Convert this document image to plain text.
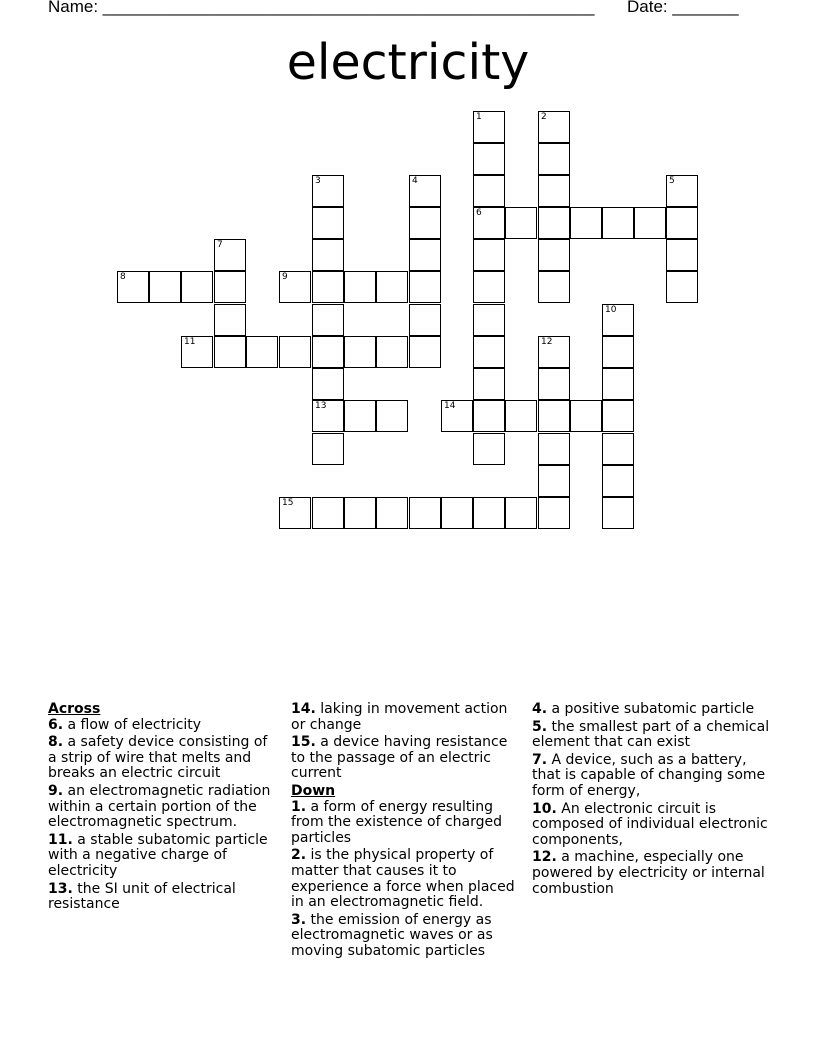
Name: ____________________________________________________ Date: _______
electricity
1	2
3	4	5
6
7
8	9
10
11	12
13	14
15
Across
6. a flow of electricity
8. a safety device consisting of a strip of wire that melts and breaks an electric circuit
9. an electromagnetic radiation within a certain portion of the electromagnetic spectrum.
11. a stable subatomic particle with a negative charge of electricity
13. the SI unit of electrical resistance
14. laking in movement action or change
15. a device having resistance to the passage of an electric current
Down
1. a form of energy resulting from the existence of charged particles
2. is the physical property of matter that causes it to experience a force when placed in an electromagnetic field.
3. the emission of energy as electromagnetic waves or as moving subatomic particles
4. a positive subatomic particle
5. the smallest part of a chemical element that can exist
7. A device, such as a battery, that is capable of changing some form of energy,
10. An electronic circuit is composed of individual electronic components,
12. a machine, especially one powered by electricity or internal combustion
